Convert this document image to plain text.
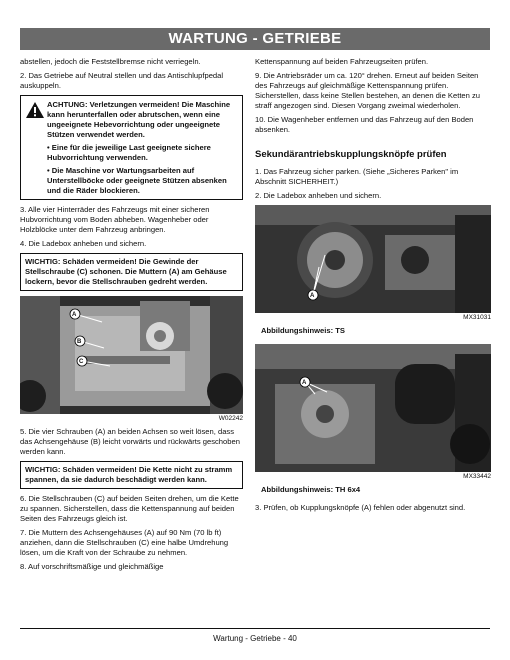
WARTUNG - GETRIEBE

abstellen, jedoch die Feststellbremse nicht verriegeln.

2. Das Getriebe auf Neutral stellen und das Antischlupfpedal auskuppeln.

ACHTUNG: Verletzungen vermeiden! Die Maschine kann herunterfallen oder abrutschen, wenn eine ungeeignete Hebevorrichtung oder ungeeignete Stützen verwendet werden.
• Eine für die jeweilige Last geeignete sichere Hubvorrichtung verwenden.
• Die Maschine vor Wartungsarbeiten auf Unterstellböcke oder geeignete Stützen absenken und die Räder blockieren.

3. Alle vier Hinterräder des Fahrzeugs mit einer sicheren Hubvorrichtung vom Boden abheben. Wagenheber oder Holzblöcke unter dem Fahrzeug anbringen.

4. Die Ladebox anheben und sichern.

WICHTIG: Schäden vermeiden! Die Gewinde der Stellschraube (C) schonen. Die Muttern (A) am Gehäuse lockern, bevor die Stellschrauben gedreht werden.
A
B
C
W02242

5. Die vier Schrauben (A) an beiden Achsen so weit lösen, dass das Achsengehäuse (B) leicht vorwärts und rückwärts geschoben werden kann.

WICHTIG: Schäden vermeiden! Die Kette nicht zu stramm spannen, da sie dadurch beschädigt werden kann.

6. Die Stellschrauben (C) auf beiden Seiten drehen, um die Kette zu spannen. Sicherstellen, dass die Kettenspannung auf beiden Seiten des Fahrzeugs gleich ist.

7. Die Muttern des Achsengehäuses (A) auf 90 Nm (70 lb ft) anziehen, dann die Stellschrauben (C) eine halbe Umdrehung lösen, um die Kraft von der Schraube zu nehmen.

8. Auf vorschriftsmäßige und gleichmäßige

Kettenspannung auf beiden Fahrzeugseiten prüfen.

9. Die Antriebsräder um ca. 120° drehen. Erneut auf beiden Seiten des Fahrzeugs auf gleichmäßige Kettenspannung prüfen. Sicherstellen, dass keine Stellen bestehen, an denen die Ketten zu straff angezogen sind. Diesen Vorgang zweimal wiederholen.

10. Die Wagenheber entfernen und das Fahrzeug auf den Boden absenken.

Sekundärantriebskupplungsknöpfe prüfen

1. Das Fahrzeug sicher parken. (Siehe „Sicheres Parken" im Abschnitt SICHERHEIT.)

2. Die Ladebox anheben und sichern.

A
MX31031
Abbildungshinweis: TS
A
MX33442
Abbildungshinweis: TH 6x4

3. Prüfen, ob Kupplungsknöpfe (A) fehlen oder abgenutzt sind.

Wartung - Getriebe - 40
